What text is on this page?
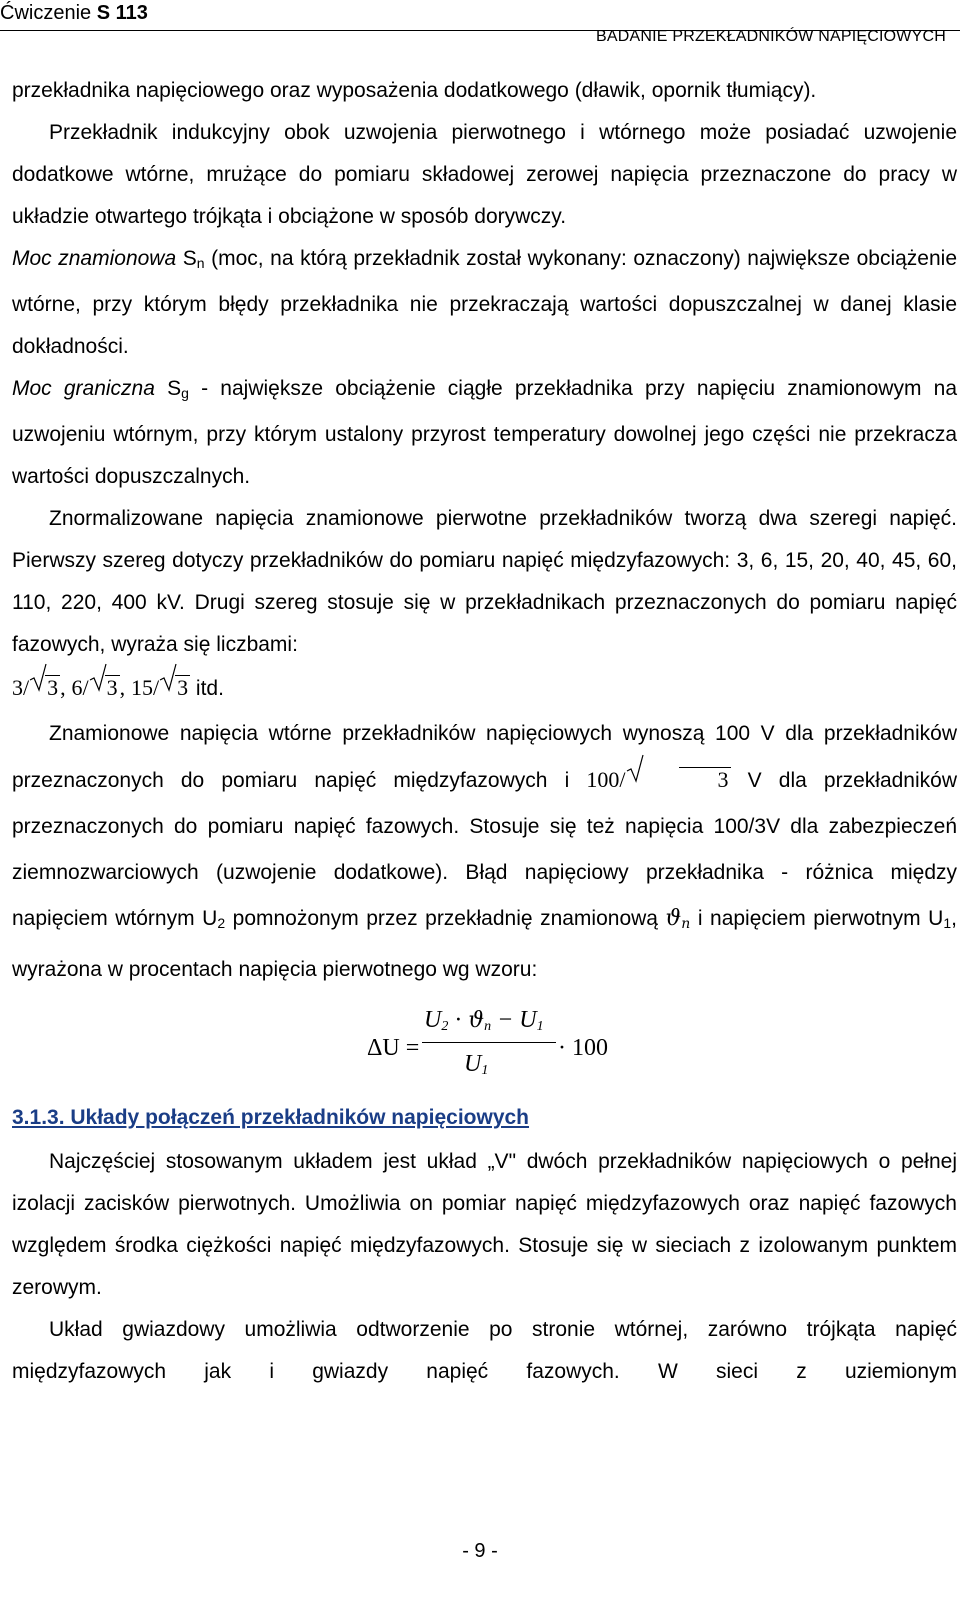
Ćwiczenie S 113
BADANIE PRZEKŁADNIKÓW NAPIĘCIOWYCH

przekładnika napięciowego oraz wyposażenia dodatkowego (dławik, opornik tłumiący).

Przekładnik indukcyjny obok uzwojenia pierwotnego i wtórnego może posiadać uzwojenie dodatkowe wtórne, mrużące do pomiaru składowej zerowej napięcia przeznaczone do pracy w układzie otwartego trójkąta i obciążone w sposób dorywczy.

Moc znamionowa $S_n$ (moc, na którą przekładnik został wykonany: oznaczony) największe obciążenie wtórne, przy którym błędy przekładnika nie przekraczają wartości dopuszczalnej w danej klasie dokładności.

Moc graniczna $S_g$ - największe obciążenie ciągłe przekładnika przy napięciu znamionowym na uzwojeniu wtórnym, przy którym ustalony przyrost temperatury dowolnej jego części nie przekracza wartości dopuszczalnych.

Znormalizowane napięcia znamionowe pierwotne przekładników tworzą dwa szeregi napięć. Pierwszy szereg dotyczy przekładników do pomiaru napięć międzyfazowych: 3, 6, 15, 20, 40, 45, 60, 110, 220, 400 kV. Drugi szereg stosuje się w przekładnikach przeznaczonych do pomiaru napięć fazowych, wyraża się liczbami:

3/ 3, 6/ 3, 15/ 3 itd.

Znamionowe napięcia wtórne przekładników napięciowych wynoszą 100 V dla przekładników przeznaczonych do pomiaru napięć międzyfazowych i 100/	3 V dla przekładników przeznaczonych do pomiaru napięć fazowych. Stosuje się też napięcia 100/3V dla zabezpieczeń ziemnozwarciowych (uzwojenie dodatkowe). Błąd napięciowy przekładnika - różnica między napięciem wtórnym $U_2$ pomnożonym przez przekładnię znamionową $ϑ_n$ i napięciem pierwotnym $U_1$, wyrażona w procentach napięcia pierwotnego wg wzoru:

ΔU =
$U_2 \cdot ϑ_n - U_1$
$U_1$
· 100
3.1.3. Układy połączeń przekładników napięciowych

Najczęściej stosowanym układem jest układ „V" dwóch przekładników napięciowych o pełnej izolacji zacisków pierwotnych. Umożliwia on pomiar napięć międzyfazowych oraz napięć fazowych względem środka ciężkości napięć międzyfazowych. Stosuje się w sieciach z izolowanym punktem zerowym.

Układ gwiazdowy umożliwia odtworzenie po stronie wtórnej, zarówno trójkąta napięć międzyfazowych jak i gwiazdy napięć fazowych. W sieci z uziemionym

- 9 -
